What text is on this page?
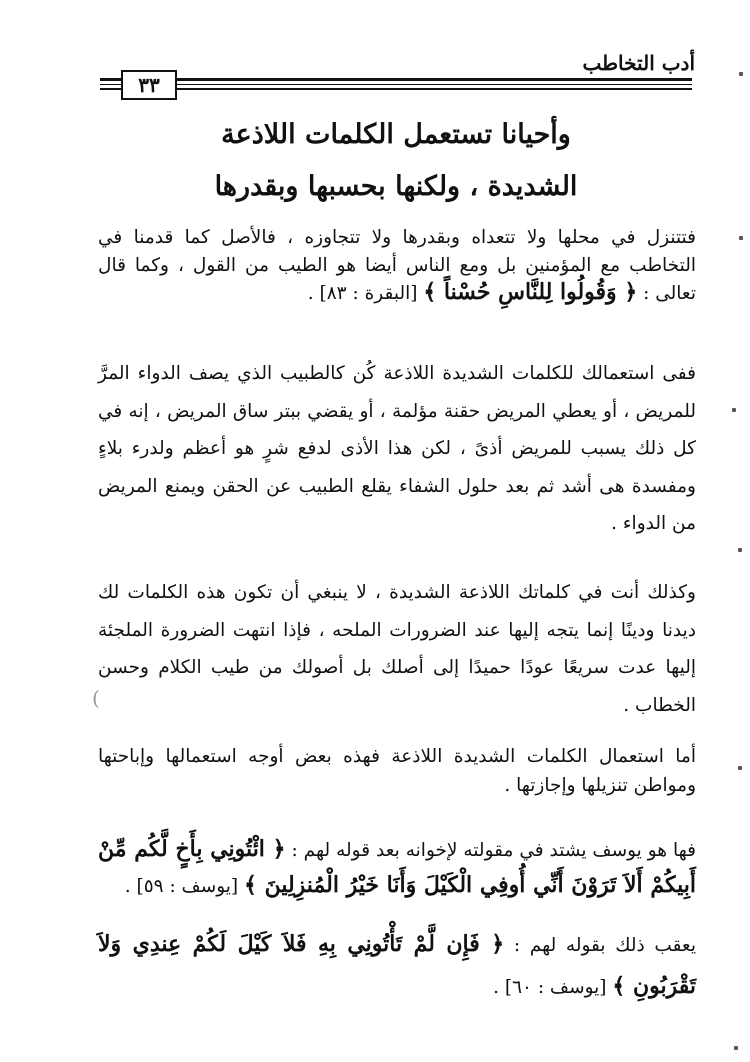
أدب التخاطب
٣٣
وأحيانا تستعمل الكلمات اللاذعة
الشديدة ، ولكنها بحسبها وبقدرها

فتتنزل في محلها ولا تتعداه وبقدرها ولا تتجاوزه ، فالأصل كما قدمنا في التخاطب مع المؤمنين بل ومع الناس أيضا هو الطيب من القول ، وكما قال تعالى : ﴿ وَقُولُوا لِلنَّاسِ حُسْناً ﴾ [البقرة : ٨٣] .

ففى استعمالك للكلمات الشديدة اللاذعة كُن كالطبيب الذي يصف الدواء المرَّ للمريض ، أو يعطي المريض حقنة مؤلمة ، أو يقضي ببتر ساق المريض ، إنه في كل ذلك يسبب للمريض أذىً ، لكن هذا الأذى لدفع شرٍ هو أعظم ولدرء بلاءٍ ومفسدة هى أشد ثم بعد حلول الشفاء يقلع الطبيب عن الحقن ويمنع المريض من الدواء .

وكذلك أنت في كلماتك اللاذعة الشديدة ، لا ينبغي أن تكون هذه الكلمات لك ديدنا ودينًا إنما يتجه إليها عند الضرورات الملحه ، فإذا انتهت الضرورة الملجئة إليها عدت سريعًا عودًا حميدًا إلى أصلك بل أصولك من طيب الكلام وحسن الخطاب .

أما استعمال الكلمات الشديدة اللاذعة فهذه بعض أوجه استعمالها وإباحتها ومواطن تنزيلها وإجازتها .

فها هو يوسف يشتد في مقولته لإخوانه بعد قوله لهم : ﴿ ائْتُونِي بِأَخٍ لَّكُم مِّنْ أَبِيكُمْ أَلاَ تَرَوْنَ أَنِّي أُوفِي الْكَيْلَ وَأَنَا خَيْرُ الْمُنزِلِينَ ﴾ [يوسف : ٥٩] .

يعقب ذلك بقوله لهم : ﴿ فَإِن لَّمْ تَأْتُونِي بِهِ فَلاَ كَيْلَ لَكُمْ عِندِي وَلاَ تَقْرَبُونِ ﴾ [يوسف : ٦٠] .

(
